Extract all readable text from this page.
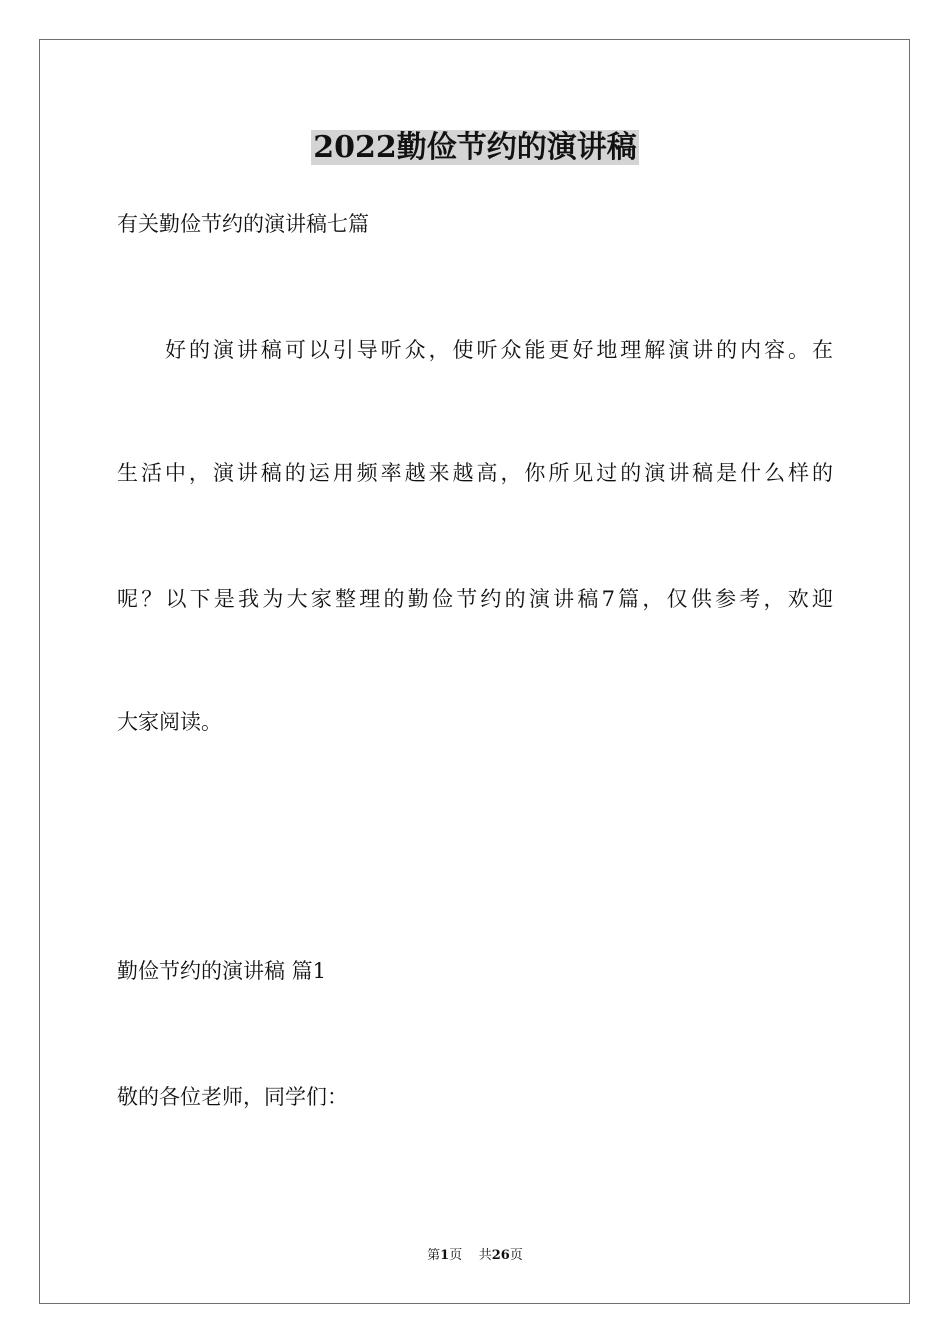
2022勤俭节约的演讲稿
有关勤俭节约的演讲稿七篇
好的演讲稿可以引导听众，使听众能更好地理解演讲的内容。在
生活中，演讲稿的运用频率越来越高，你所见过的演讲稿是什么样的
呢？以下是我为大家整理的勤俭节约的演讲稿7篇，仅供参考，欢迎
大家阅读。
勤俭节约的演讲稿 篇1
敬的各位老师，同学们：
第1页 共26页
